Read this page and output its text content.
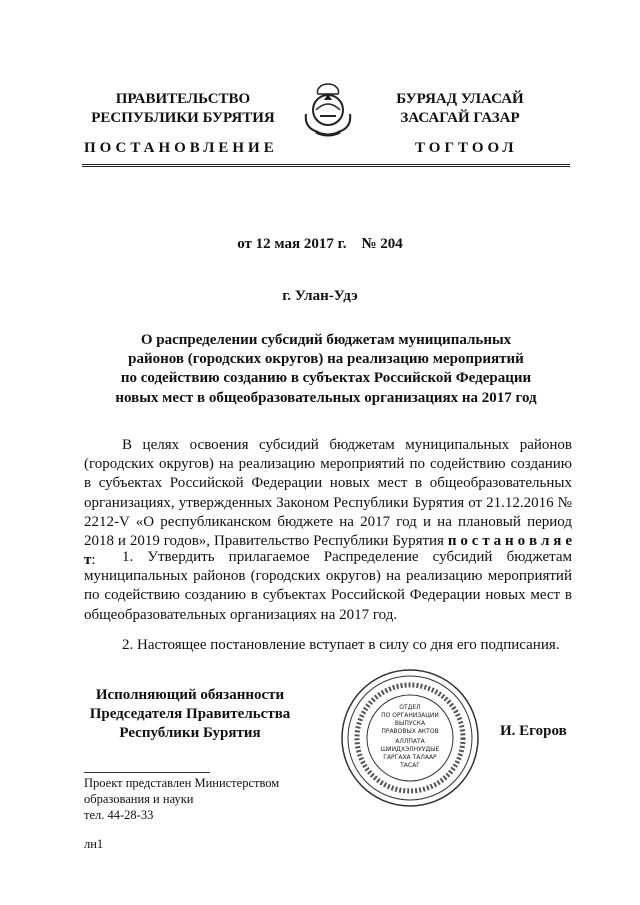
ПРАВИТЕЛЬСТВО
РЕСПУБЛИКИ БУРЯТИЯ
БУРЯАД УЛАСАЙ
ЗАСАГАЙ ГАЗАР
ПОСТАНОВЛЕНИЕ	ТОГТООЛ
от 12 мая 2017 г.    № 204
г. Улан-Удэ
О распределении субсидий бюджетам муниципальных
районов (городских округов) на реализацию мероприятий
по содействию созданию в субъектах Российской Федерации
новых мест в общеобразовательных организациях на 2017 год
В целях освоения субсидий бюджетам муниципальных районов (городских округов) на реализацию мероприятий по содействию созданию в субъектах Российской Федерации новых мест в общеобразовательных организациях, утвержденных Законом Республики Бурятия от 21.12.2016 № 2212-V «О республиканском бюджете на 2017 год и на плановый период 2018 и 2019 годов», Правительство Республики Бурятия п о с т а н о в л я е т:	1. Утвердить прилагаемое Распределение субсидий бюджетам муниципальных районов (городских округов) на реализацию мероприятий по содействию созданию в субъектах Российской Федерации новых мест в общеобразовательных организациях на 2017 год.
2. Настоящее постановление вступает в силу со дня его подписания.
Исполняющий обязанности
Председателя Правительства
Республики Бурятия
ОТДЕЛ
ПО ОРГАНИЗАЦИИ
ВЫПУСКА
ПРАВОВЫХ АКТОВ
АЛЛПАТА
ШИИДХЭЛНУУДЫЕ
ГАРГАХА ТАЛААР
ТАСАГ
И. Егоров
Проект представлен Министерством
образования и науки
тел. 44-28-33
лн1
